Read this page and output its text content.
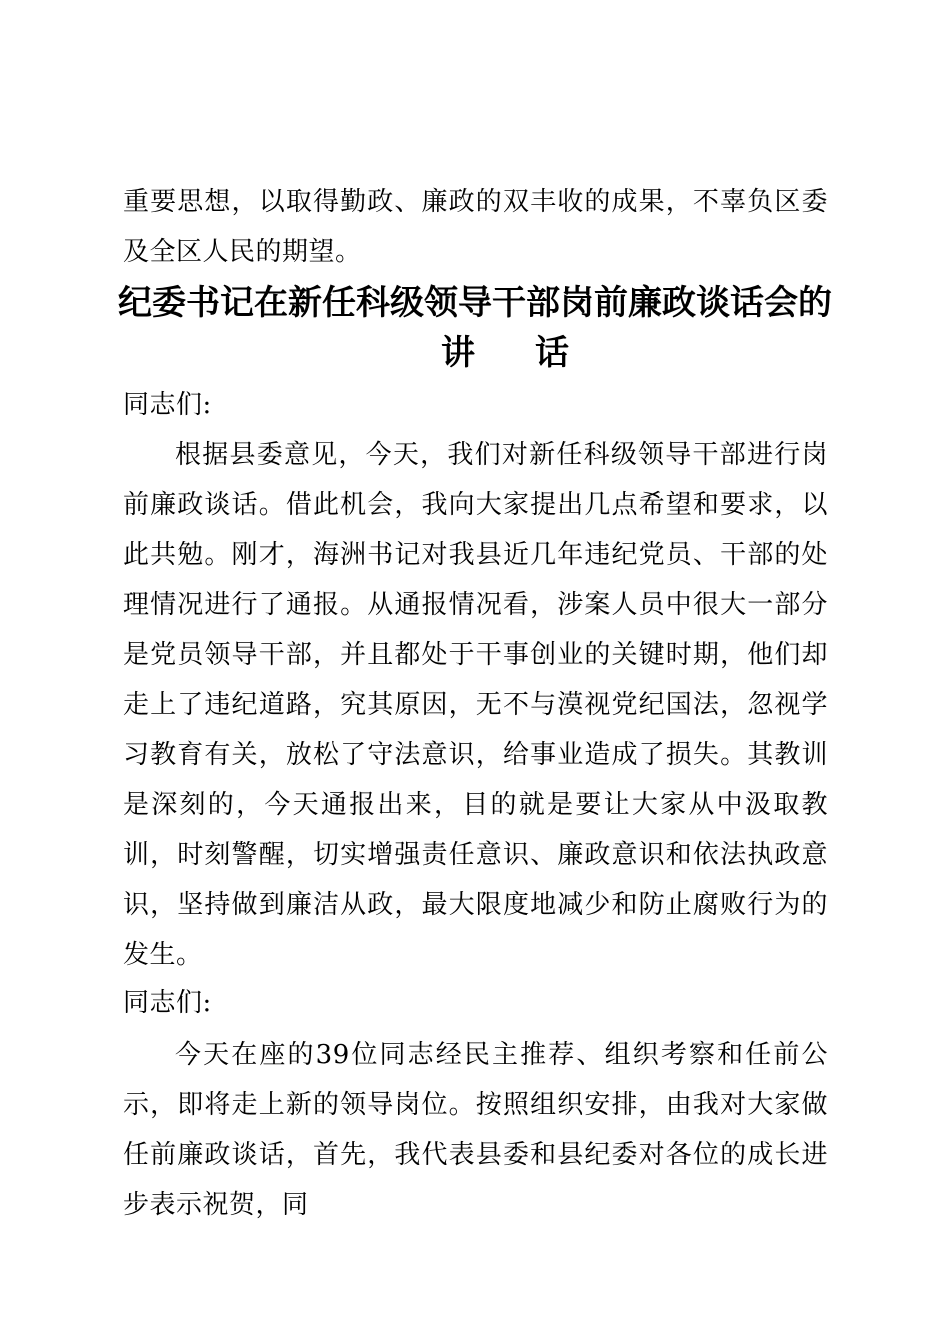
重要思想，以取得勤政、廉政的双丰收的成果，不辜负区委及全区人民的期望。

纪委书记在新任科级领导干部岗前廉政谈话会的
讲话

同志们:

根据县委意见，今天，我们对新任科级领导干部进行岗前廉政谈话。借此机会，我向大家提出几点希望和要求，以此共勉。刚才，海洲书记对我县近几年违纪党员、干部的处理情况进行了通报。从通报情况看，涉案人员中很大一部分是党员领导干部，并且都处于干事创业的关键时期，他们却走上了违纪道路，究其原因，无不与漠视党纪国法，忽视学习教育有关，放松了守法意识，给事业造成了损失。其教训是深刻的，今天通报出来，目的就是要让大家从中汲取教训，时刻警醒，切实增强责任意识、廉政意识和依法执政意识，坚持做到廉洁从政，最大限度地减少和防止腐败行为的发生。

同志们:

今天在座的39位同志经民主推荐、组织考察和任前公示，即将走上新的领导岗位。按照组织安排，由我对大家做任前廉政谈话，首先，我代表县委和县纪委对各位的成长进步表示祝贺，同
